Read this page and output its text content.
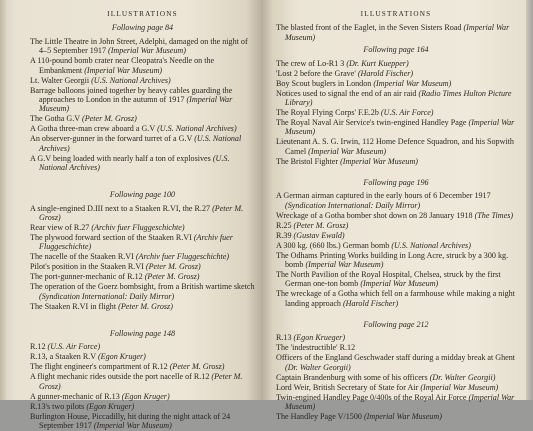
ILLUSTRATIONS
Following page 84
The Little Theatre in John Street, Adelphi, damaged on the night of 4–5 September 1917 (Imperial War Museum)
A 110-pound bomb crater near Cleopatra's Needle on the Embankment (Imperial War Museum)
Lt. Walter Georgii (U.S. National Archives)
Barrage balloons joined together by heavy cables guarding the approaches to London in the autumn of 1917 (Imperial War Museum)
The Gotha G.V (Peter M. Grosz)
A Gotha three-man crew aboard a G.V (U.S. National Archives)
An observer-gunner in the forward turret of a G.V (U.S. National Archives)
A G.V being loaded with nearly half a ton of explosives (U.S. National Archives)
Following page 100
A single-engined D.III next to a Staaken R.VI, the R.27 (Peter M. Grosz)
Rear view of R.27 (Archiv fuer Fluggeschichte)
The plywood forward section of the Staaken R.VI (Archiv fuer Fluggeschichte)
The nacelle of the Staaken R.VI (Archiv fuer Fluggeschichte)
Pilot's position in the Staaken R.VI (Peter M. Grosz)
The port-gunner-mechanic of R.12 (Peter M. Grosz)
The operation of the Goerz bombsight, from a British wartime sketch (Syndication International: Daily Mirror)
The Staaken R.VI in flight (Peter M. Grosz)
Following page 148
R.12 (U.S. Air Force)
R.13, a Staaken R.V (Egon Kruger)
The flight engineer's compartment of R.12 (Peter M. Grosz)
A flight mechanic rides outside the port nacelle of R.12 (Peter M. Grosz)
A gunner-mechanic of R.13 (Egon Kruger)
R.13's two pilots (Egon Kruger)
Burlington House, Piccadilly, hit during the night attack of 24 September 1917 (Imperial War Museum)
ILLUSTRATIONS
The blasted front of the Eaglet, in the Seven Sisters Road (Imperial War Museum)
Following page 164
The crew of Lo-R1 3 (Dr. Kurt Kuepper)
'Lost 2 before the Grave' (Harold Fischer)
Boy Scout buglers in London (Imperial War Museum)
Notices used to signal the end of an air raid (Radio Times Hulton Picture Library)
The Royal Flying Corps' F.E.2b (U.S. Air Force)
The Royal Naval Air Service's twin-engined Handley Page (Imperial War Museum)
Lieutenant A. S. G. Irwin, 112 Home Defence Squadron, and his Sopwith Camel (Imperial War Museum)
The Bristol Fighter (Imperial War Museum)
Following page 196
A German airman captured in the early hours of 6 December 1917 (Syndication International: Daily Mirror)
Wreckage of a Gotha bomber shot down on 28 January 1918 (The Times)
R.25 (Peter M. Grosz)
R.39 (Gustav Ewald)
A 300 kg. (660 lbs.) German bomb (U.S. National Archives)
The Odhams Printing Works building in Long Acre, struck by a 300 kg. bomb (Imperial War Museum)
The North Pavilion of the Royal Hospital, Chelsea, struck by the first German one-ton bomb (Imperial War Museum)
The wreckage of a Gotha which fell on a farmhouse while making a night landing approach (Harold Fischer)
Following page 212
R.13 (Egon Krueger)
The 'indestructible' R.12
Officers of the England Geschwader staff during a midday break at Ghent (Dr. Walter Georgii)
Captain Brandenburg with some of his officers (Dr. Walter Georgii)
Lord Weir, British Secretary of State for Air (Imperial War Museum)
Twin-engined Handley Page 0/400s of the Royal Air Force (Imperial War Museum)
The Handley Page V/1500 (Imperial War Museum)
